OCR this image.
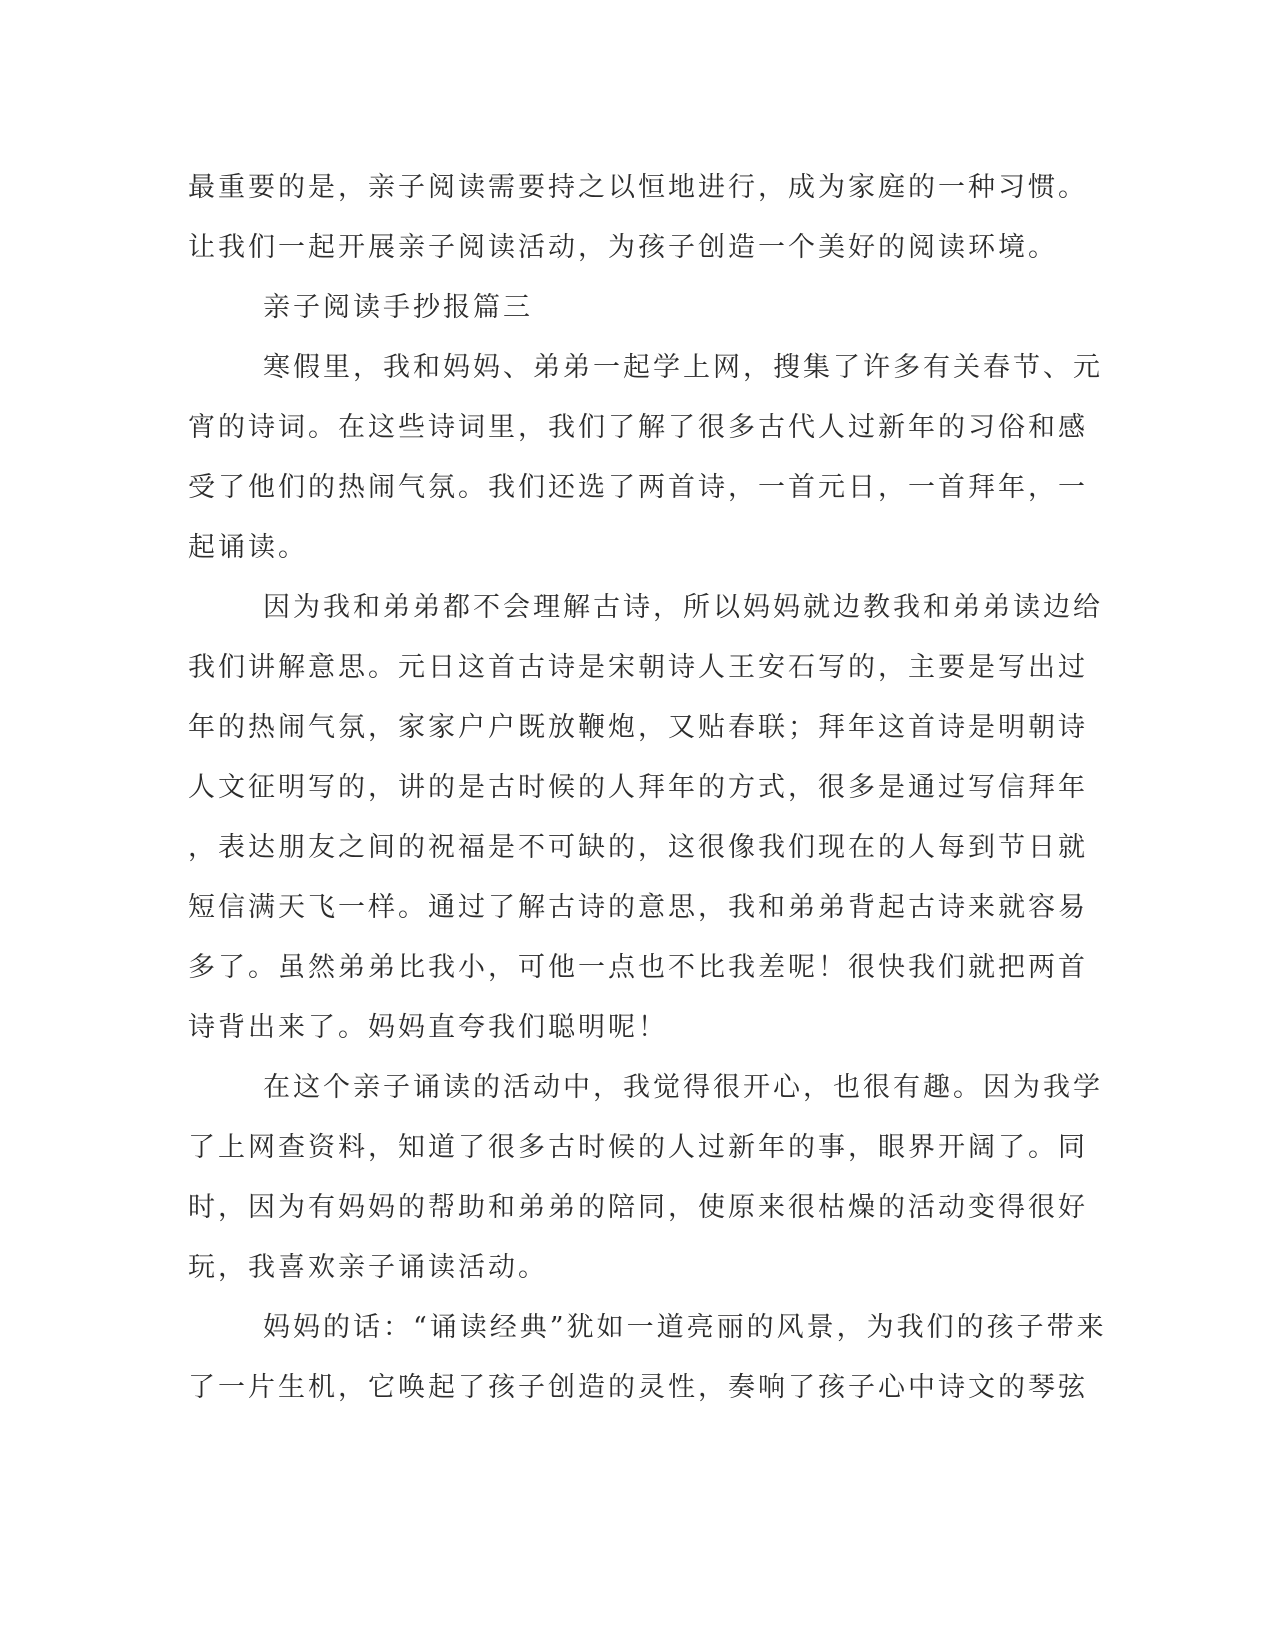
最重要的是，亲子阅读需要持之以恒地进行，成为家庭的一种习惯。
让我们一起开展亲子阅读活动，为孩子创造一个美好的阅读环境。
亲子阅读手抄报篇三
寒假里，我和妈妈、弟弟一起学上网，搜集了许多有关春节、元
宵的诗词。在这些诗词里，我们了解了很多古代人过新年的习俗和感
受了他们的热闹气氛。我们还选了两首诗，一首元日，一首拜年，一
起诵读。
因为我和弟弟都不会理解古诗，所以妈妈就边教我和弟弟读边给
我们讲解意思。元日这首古诗是宋朝诗人王安石写的，主要是写出过
年的热闹气氛，家家户户既放鞭炮，又贴春联；拜年这首诗是明朝诗
人文征明写的，讲的是古时候的人拜年的方式，很多是通过写信拜年
，表达朋友之间的祝福是不可缺的，这很像我们现在的人每到节日就
短信满天飞一样。通过了解古诗的意思，我和弟弟背起古诗来就容易
多了。虽然弟弟比我小，可他一点也不比我差呢！很快我们就把两首
诗背出来了。妈妈直夸我们聪明呢！
在这个亲子诵读的活动中，我觉得很开心，也很有趣。因为我学
了上网查资料，知道了很多古时候的人过新年的事，眼界开阔了。同
时，因为有妈妈的帮助和弟弟的陪同，使原来很枯燥的活动变得很好
玩，我喜欢亲子诵读活动。
妈妈的话：“诵读经典”犹如一道亮丽的风景，为我们的孩子带来
了一片生机，它唤起了孩子创造的灵性，奏响了孩子心中诗文的琴弦
